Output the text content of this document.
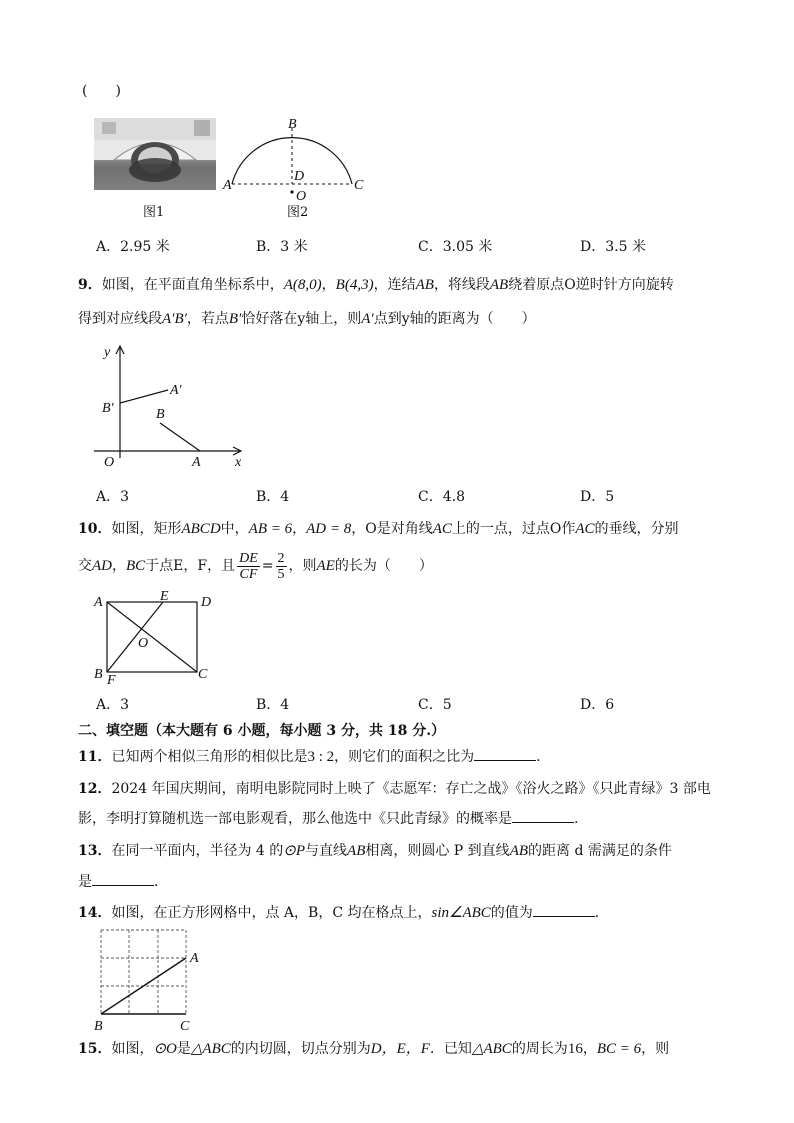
(　　)
图1
B
A	C
D
O
图2
A．2.95 米	B．3 米	C．3.05 米	D．3.5 米
9．如图，在平面直角坐标系中，A(8,0)，B(4,3)，连结AB，将线段AB绕着原点O逆时针方向旋转
得到对应线段A′B′，若点B′恰好落在y轴上，则A′点到y轴的距离为（　　）
y
x
O	A
B
A′
B′
A．3	B．4	C．4.8	D．5
10．如图，矩形ABCD中，AB = 6，AD = 8，O是对角线AC上的一点，过点O作AC的垂线，分别
交AD，BC于点E，F，且 $\frac{DE}{CF} = \frac{2}{5}$ ，则AE的长为（　　）
A	E D
O
B F	C
A．3	B．4	C．5	D．6
二、填空题（本大题有 6 小题，每小题 3 分，共 18 分.）
11．已知两个相似三角形的相似比是3 : 2，则它们的面积之比为	.
12．2024 年国庆期间，南明电影院同时上映了《志愿军：存亡之战》《浴火之路》《只此青绿》3 部电
影，李明打算随机选一部电影观看，那么他选中《只此青绿》的概率是	.
13．在同一平面内，半径为 4 的⊙P与直线AB相离，则圆心 P 到直线AB的距离 d 需满足的条件
是	.
14．如图，在正方形网格中，点 A，B，C 均在格点上，sin∠ABC的值为	.
A
B	C
15．如图，⊙O是△ABC的内切圆，切点分别为D，E，F．已知△ABC的周长为16，BC = 6，则
